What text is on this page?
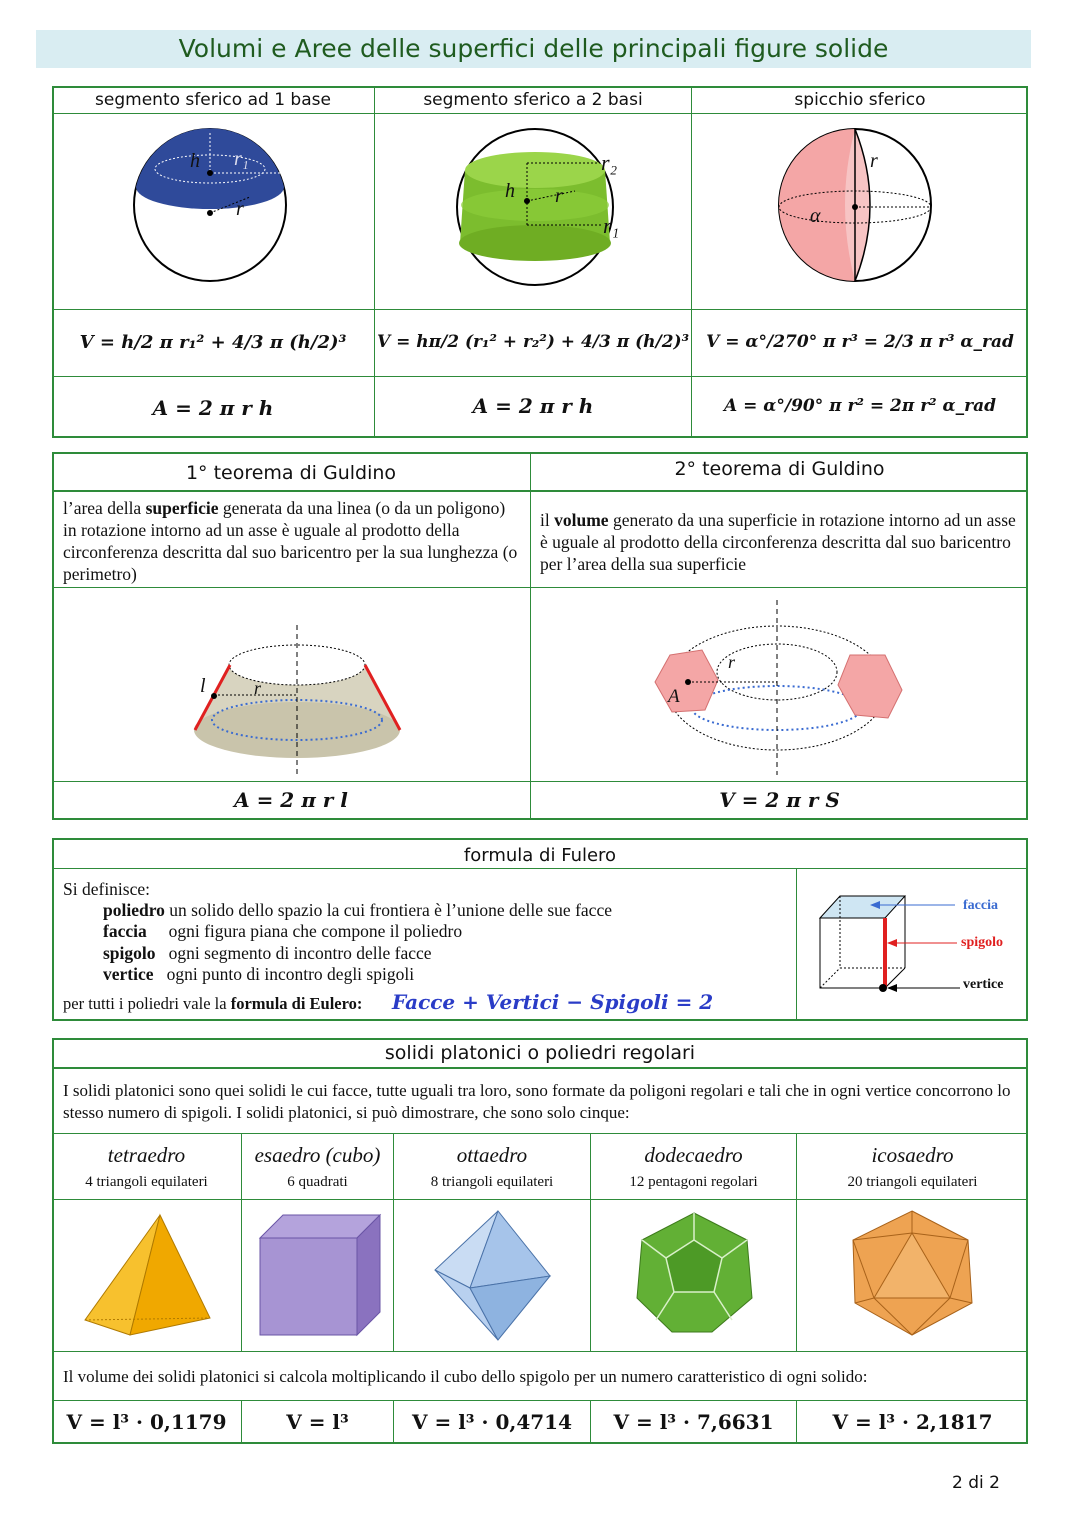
Volumi e Aree delle superfici delle principali figure solide
segmento sferico ad 1 base	segmento sferico a 2 basi	spicchio sferico
h r₁
r
h r
r₂
r₁
r
α
V = h/2 π r₁² + 4/3 π (h/2)³	V = hπ/2 (r₁² + r₂²) + 4/3 π (h/2)³	V = α°/270° π r³ = 2/3 π r³ α_rad
A = 2 π r h	A = 2 π r h	A = α°/90° π r² = 2π r² α_rad
1° teorema di Guldino	2° teorema di Guldino
l’area della superficie generata da una linea (o da un poligono) in rotazione intorno ad un asse è uguale al prodotto della circonferenza descritta dal suo baricentro per la sua lunghezza (o perimetro)
il volume generato da una superficie in rotazione intorno ad un asse è uguale al prodotto della circonferenza descritta dal suo baricentro per l’area della sua superficie
l	r
r
A
A = 2 π r l	V = 2 π r S
formula di Fulero
Si definisce:
poliedro un solido dello spazio la cui frontiera è l’unione delle sue facce
faccia ogni figura piana che compone il poliedro
spigolo ogni segmento di incontro delle facce
vertice ogni punto di incontro degli spigoli
per tutti i poliedri vale la formula di Eulero: Facce + Vertici − Spigoli = 2
faccia
spigolo
vertice
solidi platonici o poliedri regolari
I solidi platonici sono quei solidi le cui facce, tutte uguali tra loro, sono formate da poligoni regolari e tali che in ogni vertice concorrono lo stesso numero di spigoli. I solidi platonici, si può dimostrare, che sono solo cinque:
tetraedro	esaedro (cubo)	ottaedro	dodecaedro	icosaedro
4 triangoli equilateri	6 quadrati	8 triangoli equilateri	12 pentagoni regolari	20 triangoli equilateri
Il volume dei solidi platonici si calcola moltiplicando il cubo dello spigolo per un numero caratteristico di ogni solido:
V = l³ · 0,1179	V = l³	V = l³ · 0,4714	V = l³ · 7,6631	V = l³ · 2,1817
2 di 2
